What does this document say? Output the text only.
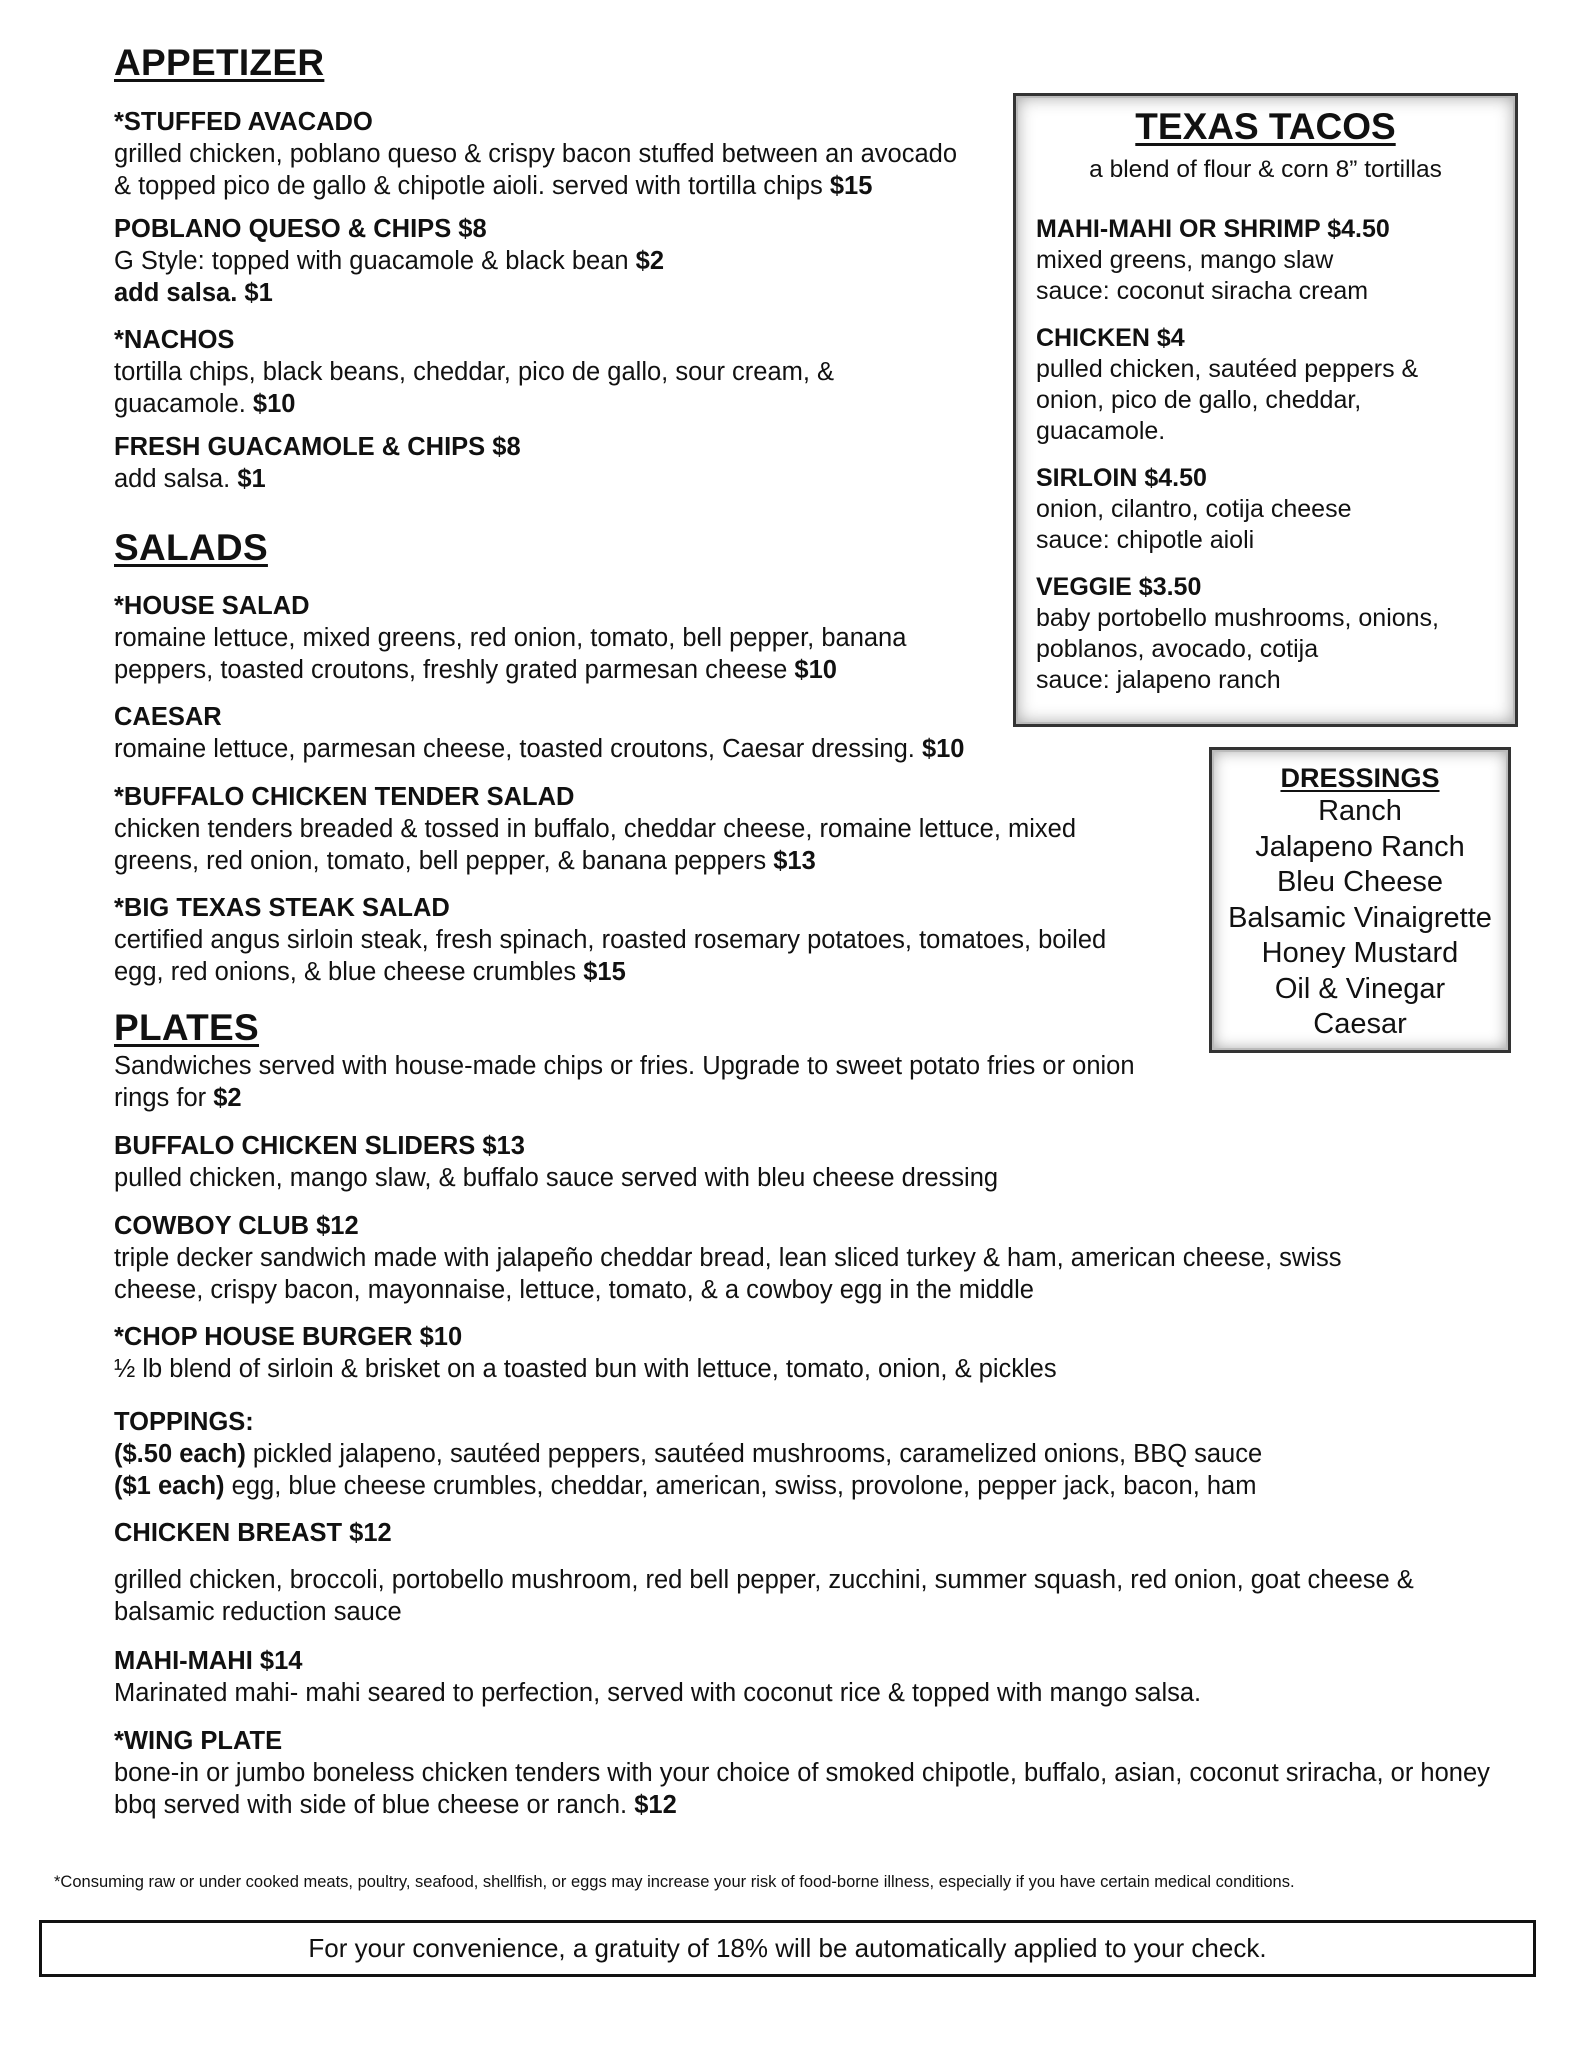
APPETIZER
*STUFFED AVACADO
grilled chicken, poblano queso & crispy bacon stuffed between an avocado
& topped pico de gallo & chipotle aioli. served with tortilla chips $15
POBLANO QUESO & CHIPS $8
G Style: topped with guacamole & black bean $2
add salsa. $1
*NACHOS
tortilla chips, black beans, cheddar, pico de gallo, sour cream, &
guacamole. $10
FRESH GUACAMOLE & CHIPS $8
add salsa. $1
SALADS
*HOUSE SALAD
romaine lettuce, mixed greens, red onion, tomato, bell pepper, banana
peppers, toasted croutons, freshly grated parmesan cheese $10
CAESAR
romaine lettuce, parmesan cheese, toasted croutons, Caesar dressing. $10
*BUFFALO CHICKEN TENDER SALAD
chicken tenders breaded & tossed in buffalo, cheddar cheese, romaine lettuce, mixed
greens, red onion, tomato, bell pepper, & banana peppers $13
*BIG TEXAS STEAK SALAD
certified angus sirloin steak, fresh spinach, roasted rosemary potatoes, tomatoes, boiled
egg, red onions, & blue cheese crumbles $15
PLATES
Sandwiches served with house-made chips or fries. Upgrade to sweet potato fries or onion
rings for $2
BUFFALO CHICKEN SLIDERS $13
pulled chicken, mango slaw, & buffalo sauce served with bleu cheese dressing
COWBOY CLUB $12
triple decker sandwich made with jalapeño cheddar bread, lean sliced turkey & ham, american cheese, swiss
cheese, crispy bacon, mayonnaise, lettuce, tomato, & a cowboy egg in the middle
*CHOP HOUSE BURGER $10
½ lb blend of sirloin & brisket on a toasted bun with lettuce, tomato, onion, & pickles
TOPPINGS:
($.50 each) pickled jalapeno, sautéed peppers, sautéed mushrooms, caramelized onions, BBQ sauce
($1 each) egg, blue cheese crumbles, cheddar, american, swiss, provolone, pepper jack, bacon, ham
CHICKEN BREAST $12
grilled chicken, broccoli, portobello mushroom, red bell pepper, zucchini, summer squash, red onion, goat cheese &
balsamic reduction sauce
MAHI-MAHI $14
Marinated mahi- mahi seared to perfection, served with coconut rice & topped with mango salsa.
*WING PLATE
bone-in or jumbo boneless chicken tenders with your choice of smoked chipotle, buffalo, asian, coconut sriracha, or honey
bbq served with side of blue cheese or ranch. $12
TEXAS TACOS
a blend of flour & corn 8” tortillas
MAHI-MAHI OR SHRIMP $4.50
mixed greens, mango slaw
sauce: coconut siracha cream
CHICKEN $4
pulled chicken, sautéed peppers &
onion, pico de gallo, cheddar,
guacamole.
SIRLOIN $4.50
onion, cilantro, cotija cheese
sauce: chipotle aioli
VEGGIE $3.50
baby portobello mushrooms, onions,
poblanos, avocado, cotija
sauce: jalapeno ranch
DRESSINGS
Ranch
Jalapeno Ranch
Bleu Cheese
Balsamic Vinaigrette
Honey Mustard
Oil & Vinegar
Caesar
*Consuming raw or under cooked meats, poultry, seafood, shellfish, or eggs may increase your risk of food-borne illness, especially if you have certain medical conditions.
For your convenience, a gratuity of 18% will be automatically applied to your check.
